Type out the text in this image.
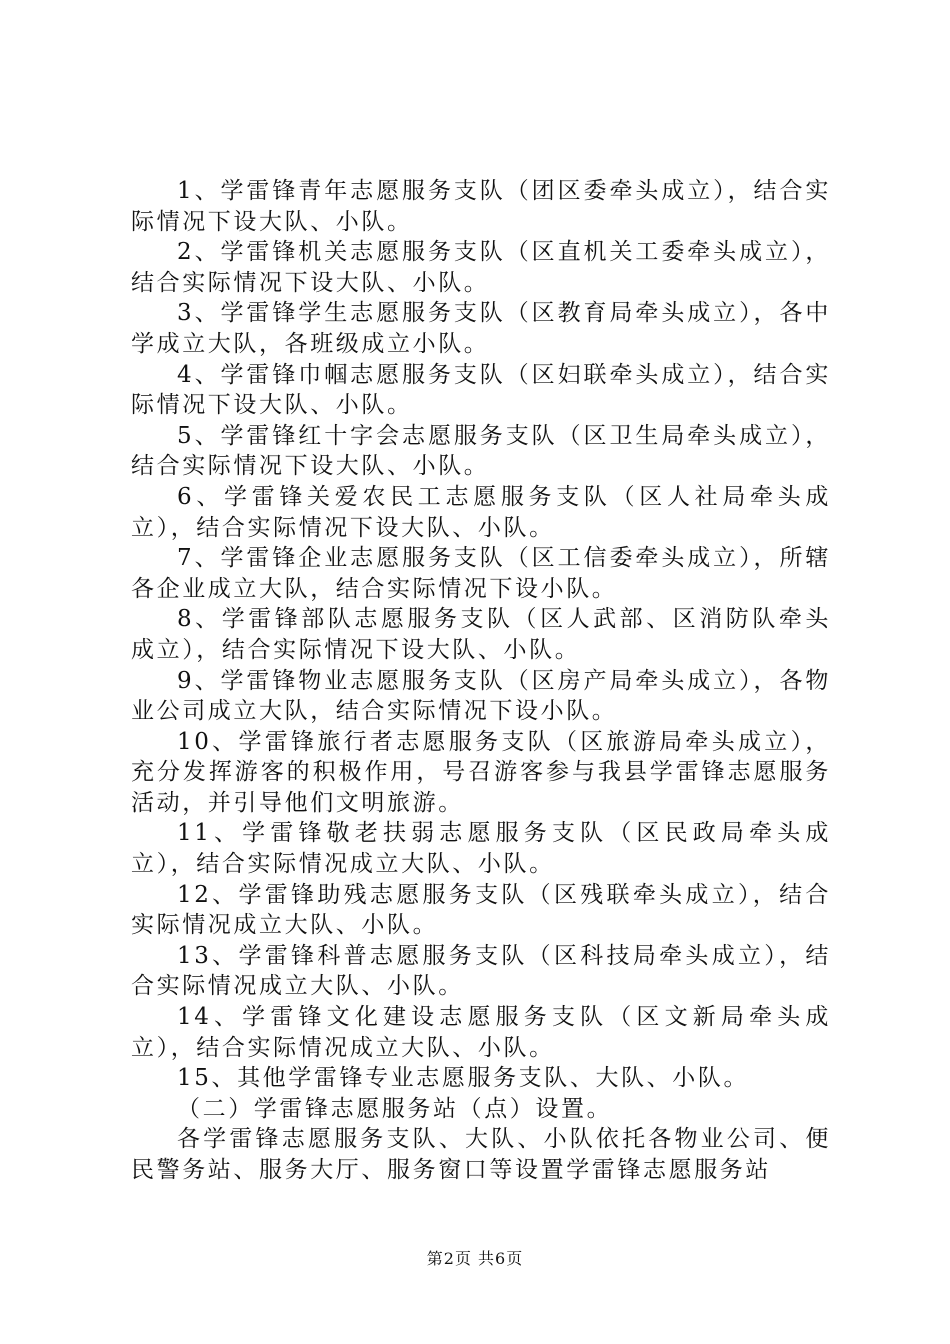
1、学雷锋青年志愿服务支队（团区委牵头成立），结合实际情况下设大队、小队。

2、学雷锋机关志愿服务支队（区直机关工委牵头成立），结合实际情况下设大队、小队。

3、学雷锋学生志愿服务支队（区教育局牵头成立），各中学成立大队，各班级成立小队。

4、学雷锋巾帼志愿服务支队（区妇联牵头成立），结合实际情况下设大队、小队。

5、学雷锋红十字会志愿服务支队（区卫生局牵头成立），结合实际情况下设大队、小队。

6、学雷锋关爱农民工志愿服务支队（区人社局牵头成立），结合实际情况下设大队、小队。

7、学雷锋企业志愿服务支队（区工信委牵头成立），所辖各企业成立大队，结合实际情况下设小队。

8、学雷锋部队志愿服务支队（区人武部、区消防队牵头成立），结合实际情况下设大队、小队。

9、学雷锋物业志愿服务支队（区房产局牵头成立），各物业公司成立大队，结合实际情况下设小队。

10、学雷锋旅行者志愿服务支队（区旅游局牵头成立），充分发挥游客的积极作用，号召游客参与我县学雷锋志愿服务活动，并引导他们文明旅游。

11、学雷锋敬老扶弱志愿服务支队（区民政局牵头成立），结合实际情况成立大队、小队。

12、学雷锋助残志愿服务支队（区残联牵头成立），结合实际情况成立大队、小队。

13、学雷锋科普志愿服务支队（区科技局牵头成立），结合实际情况成立大队、小队。

14、学雷锋文化建设志愿服务支队（区文新局牵头成立），结合实际情况成立大队、小队。

15、其他学雷锋专业志愿服务支队、大队、小队。

（二）学雷锋志愿服务站（点）设置。

各学雷锋志愿服务支队、大队、小队依托各物业公司、便民警务站、服务大厅、服务窗口等设置学雷锋志愿服务站

第2页 共6页
